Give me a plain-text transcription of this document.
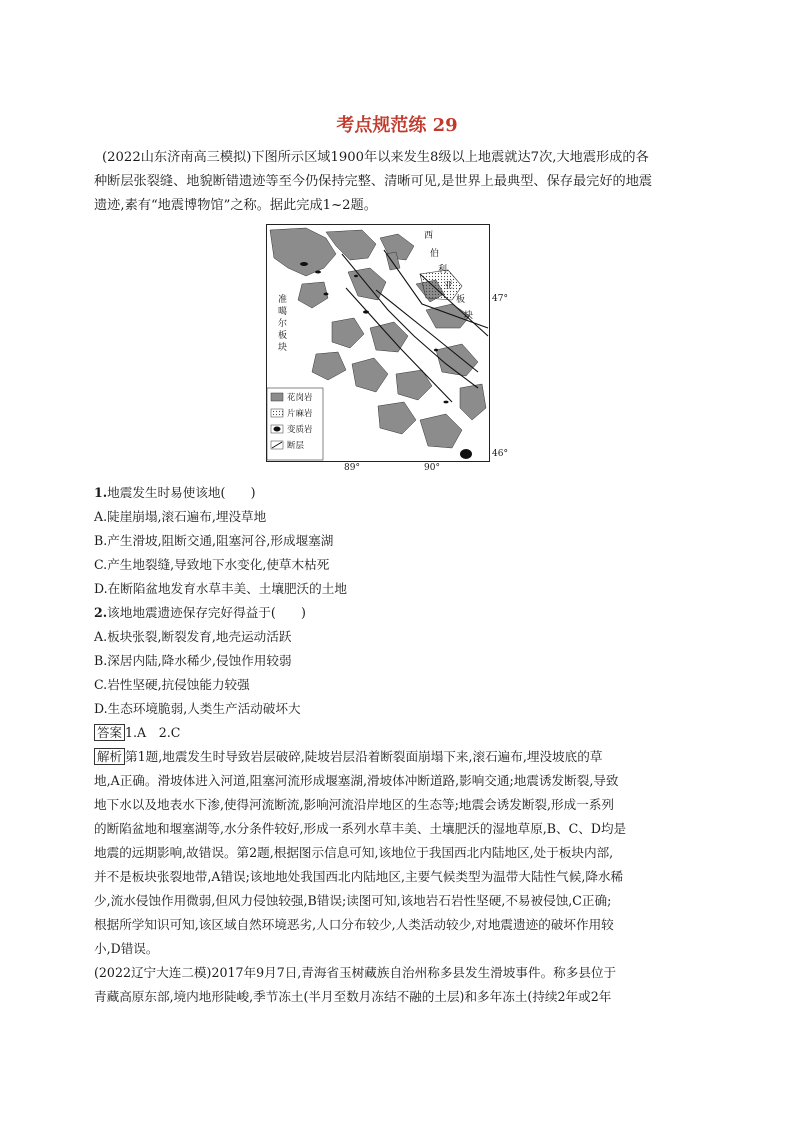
考点规范练 29
(2022山东济南高三模拟)下图所示区域1900年以来发生8级以上地震就达7次,大地震形成的各
种断层张裂缝、地貌断错遗迹等至今仍保持完整、清晰可见,是世界上最典型、保存最完好的地震
遗迹,素有“地震博物馆”之称。据此完成1~2题。
西
伯
利
亚
板
块
准
噶
尔
板
块
花岗岩
片麻岩
变质岩
断层
47°
46°
89°	90°
1.地震发生时易使该地(　　)
A.陡崖崩塌,滚石遍布,埋没草地
B.产生滑坡,阻断交通,阻塞河谷,形成堰塞湖
C.产生地裂缝,导致地下水变化,使草木枯死
D.在断陷盆地发育水草丰美、土壤肥沃的土地
2.该地地震遗迹保存完好得益于(　　)
A.板块张裂,断裂发育,地壳运动活跃
B.深居内陆,降水稀少,侵蚀作用较弱
C.岩性坚硬,抗侵蚀能力较强
D.生态环境脆弱,人类生产活动破坏大
答案 1.A　2.C
解析 第1题,地震发生时导致岩层破碎,陡坡岩层沿着断裂面崩塌下来,滚石遍布,埋没坡底的草
地,A正确。滑坡体进入河道,阻塞河流形成堰塞湖,滑坡体冲断道路,影响交通;地震诱发断裂,导致
地下水以及地表水下渗,使得河流断流,影响河流沿岸地区的生态等;地震会诱发断裂,形成一系列
的断陷盆地和堰塞湖等,水分条件较好,形成一系列水草丰美、土壤肥沃的湿地草原,B、C、D均是
地震的远期影响,故错误。第2题,根据图示信息可知,该地位于我国西北内陆地区,处于板块内部,
并不是板块张裂地带,A错误;该地地处我国西北内陆地区,主要气候类型为温带大陆性气候,降水稀
少,流水侵蚀作用微弱,但风力侵蚀较强,B错误;读图可知,该地岩石岩性坚硬,不易被侵蚀,C正确;
根据所学知识可知,该区域自然环境恶劣,人口分布较少,人类活动较少,对地震遗迹的破坏作用较
小,D错误。
(2022辽宁大连二模)2017年9月7日,青海省玉树藏族自治州称多县发生滑坡事件。称多县位于
青藏高原东部,境内地形陡峻,季节冻土(半月至数月冻结不融的土层)和多年冻土(持续2年或2年
